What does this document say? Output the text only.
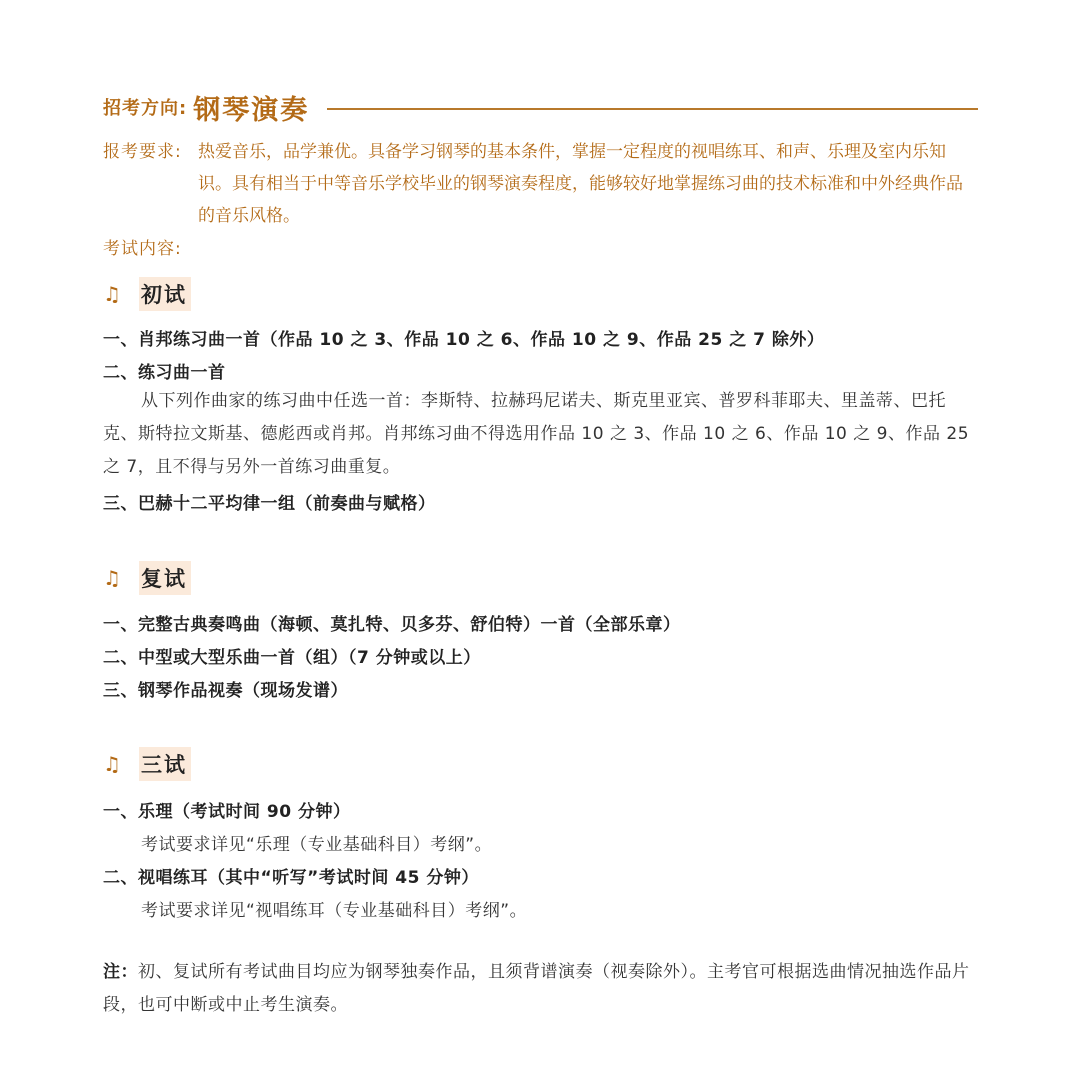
招考方向: 钢琴演奏
报考要求: 热爱音乐，品学兼优。具备学习钢琴的基本条件，掌握一定程度的视唱练耳、和声、乐理及室内乐知识。具有相当于中等音乐学校毕业的钢琴演奏程度，能够较好地掌握练习曲的技术标准和中外经典作品的音乐风格。
考试内容:
♫ 初试
一、肖邦练习曲一首（作品 10 之 3、作品 10 之 6、作品 10 之 9、作品 25 之 7 除外）
二、练习曲一首
从下列作曲家的练习曲中任选一首：李斯特、拉赫玛尼诺夫、斯克里亚宾、普罗科菲耶夫、里盖蒂、巴托克、斯特拉文斯基、德彪西或肖邦。肖邦练习曲不得选用作品 10 之 3、作品 10 之 6、作品 10 之 9、作品 25 之 7，且不得与另外一首练习曲重复。
三、巴赫十二平均律一组（前奏曲与赋格）
♫ 复试
一、完整古典奏鸣曲（海顿、莫扎特、贝多芬、舒伯特）一首（全部乐章）
二、中型或大型乐曲一首（组）（7 分钟或以上）
三、钢琴作品视奏（现场发谱）
♫ 三试
一、乐理（考试时间 90 分钟）
考试要求详见“乐理（专业基础科目）考纲”。
二、视唱练耳（其中“听写”考试时间 45 分钟）
考试要求详见“视唱练耳（专业基础科目）考纲”。
注：初、复试所有考试曲目均应为钢琴独奏作品，且须背谱演奏（视奏除外）。主考官可根据选曲情况抽选作品片段，也可中断或中止考生演奏。
